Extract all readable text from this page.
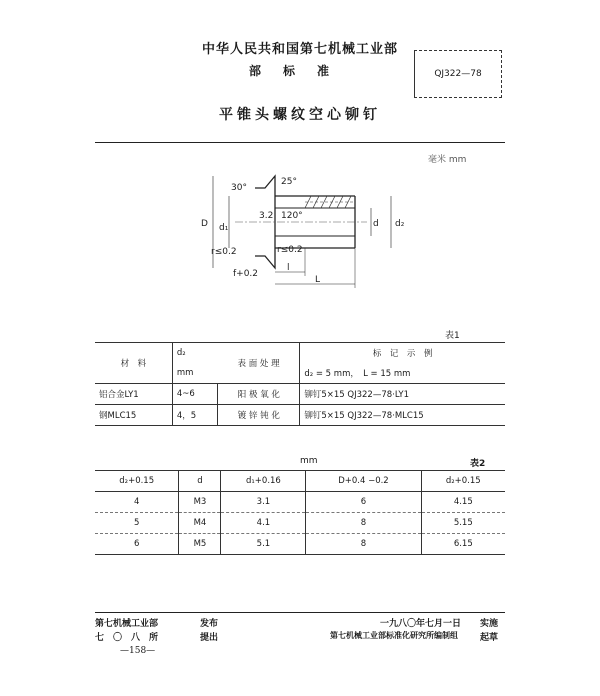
中华人民共和国第七机械工业部
部标准	QJ322—78
平锥头螺纹空心铆钉
毫米 mm
30°
25°
3.2 120°
D d₁	d d₂
r≤0.2	r≤0.2
f+0.2
l
L
表1
材　料	d₂	表 面 处 理	标　记　示　例
	mm		d₂ = 5 mm，　L = 15 mm
铝合金LY1	4~6	阳 极 氧 化	铆钉5×15 QJ322—78·LY1
钢MLC15	4，5	镀 锌 钝 化	铆钉5×15 QJ322—78·MLC15
mm	表2
d₂+0.15	d	d₁+0.16	D+0.4 −0.2	d₂+0.15
4	M3	3.1	6	4.15
5	M4	4.1	8	5.15
6	M5	5.1	8	6.15
第七机械工业部	发布
七　〇　八　所	提出
一九八〇年七月一日 实施
第七机械工业部标准化研究所编制组 起草
—158—
